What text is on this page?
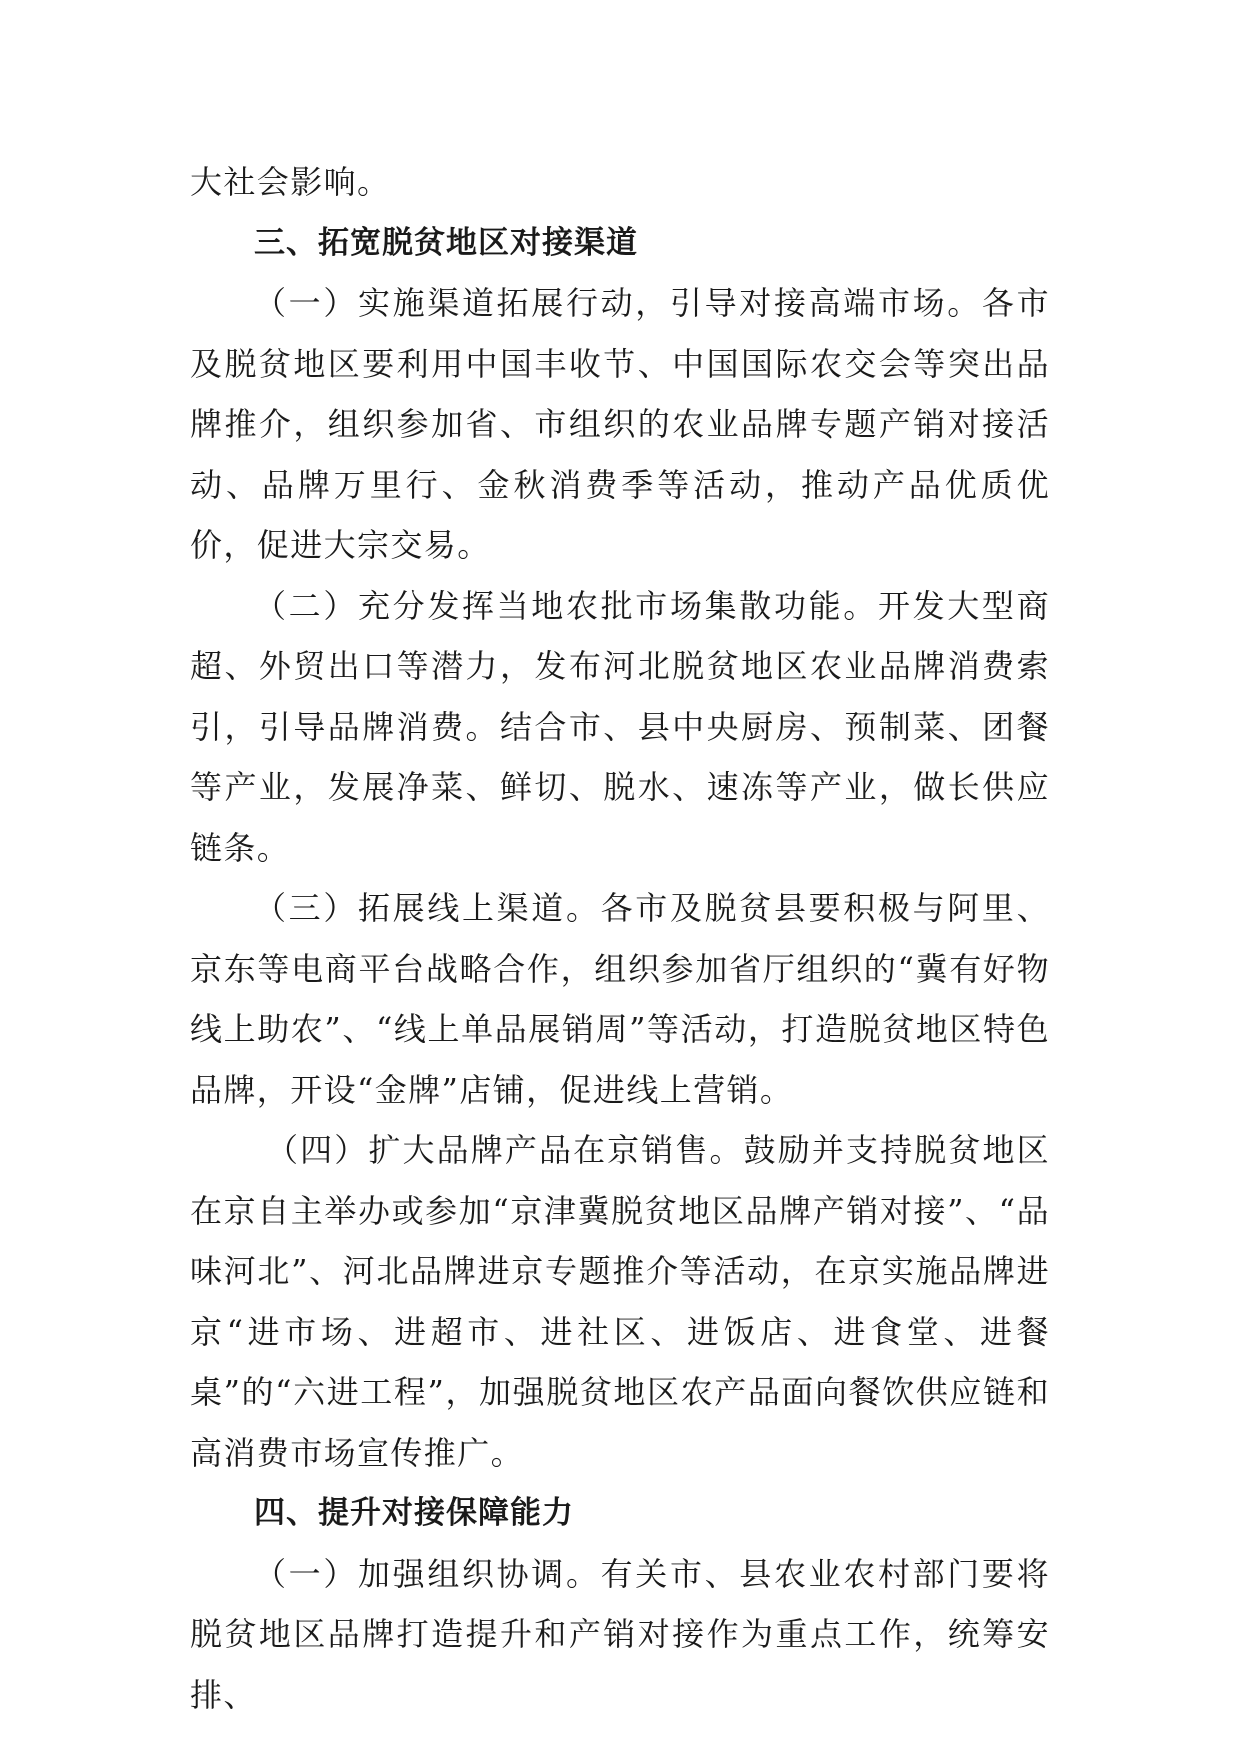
大社会影响。

三、拓宽脱贫地区对接渠道

（一）实施渠道拓展行动，引导对接高端市场。各市及脱贫地区要利用中国丰收节、中国国际农交会等突出品牌推介，组织参加省、市组织的农业品牌专题产销对接活动、品牌万里行、金秋消费季等活动，推动产品优质优价，促进大宗交易。

（二）充分发挥当地农批市场集散功能。开发大型商超、外贸出口等潜力，发布河北脱贫地区农业品牌消费索引，引导品牌消费。结合市、县中央厨房、预制菜、团餐等产业，发展净菜、鲜切、脱水、速冻等产业，做长供应链条。

（三）拓展线上渠道。各市及脱贫县要积极与阿里、京东等电商平台战略合作，组织参加省厅组织的“冀有好物线上助农”、“线上单品展销周”等活动，打造脱贫地区特色品牌，开设“金牌”店铺，促进线上营销。

（四）扩大品牌产品在京销售。鼓励并支持脱贫地区在京自主举办或参加“京津冀脱贫地区品牌产销对接”、“品味河北”、河北品牌进京专题推介等活动，在京实施品牌进京“进市场、进超市、进社区、进饭店、进食堂、进餐桌”的“六进工程”，加强脱贫地区农产品面向餐饮供应链和高消费市场宣传推广。

四、提升对接保障能力

（一）加强组织协调。有关市、县农业农村部门要将脱贫地区品牌打造提升和产销对接作为重点工作，统筹安排、
